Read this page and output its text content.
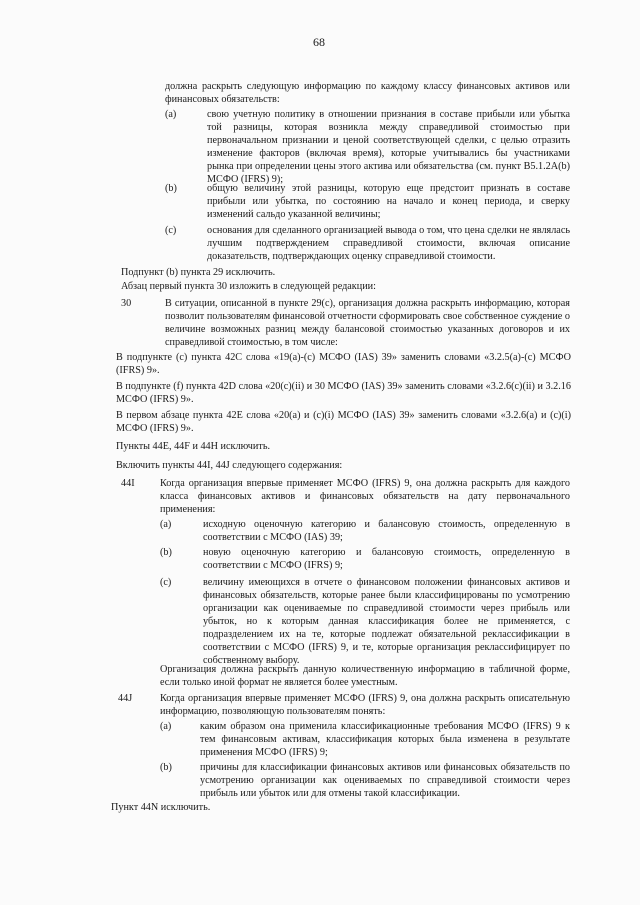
68

должна раскрыть следующую информацию по каждому классу финансовых активов или финансовых обязательств:

(a)	свою учетную политику в отношении признания в составе прибыли или убытка той разницы, которая возникла между справедливой стоимостью при первоначальном признании и ценой соответствующей сделки, с целью отразить изменение факторов (включая время), которые учитывались бы участниками рынка при определении цены этого актива или обязательства (см. пункт В5.1.2А(b) МСФО (IFRS) 9);

(b)	общую величину этой разницы, которую еще предстоит признать в составе прибыли или убытка, по состоянию на начало и конец периода, и сверку изменений сальдо указанной величины;

(c)	основания для сделанного организацией вывода о том, что цена сделки не являлась лучшим подтверждением справедливой стоимости, включая описание доказательств, подтверждающих оценку справедливой стоимости.

Подпункт (b) пункта 29 исключить.

Абзац первый пункта 30 изложить в следующей редакции:

30	В ситуации, описанной в пункте 29(c), организация должна раскрыть информацию, которая позволит пользователям финансовой отчетности сформировать свое собственное суждение о величине возможных разниц между балансовой стоимостью указанных договоров и их справедливой стоимостью, в том числе:

В подпункте (c) пункта 42С слова «19(a)-(c) МСФО (IAS) 39» заменить словами «3.2.5(a)-(c) МСФО (IFRS) 9».

В подпункте (f) пункта 42D слова «20(c)(ii) и 30 МСФО (IAS) 39» заменить словами «3.2.6(c)(ii) и 3.2.16 МСФО (IFRS) 9».

В первом абзаце пункта 42Е слова «20(a) и (c)(i) МСФО (IAS) 39» заменить словами «3.2.6(a) и (c)(i) МСФО (IFRS) 9».

Пункты 44Е, 44F и 44Н исключить.

Включить пункты 44I, 44J следующего содержания:

44I Когда организация впервые применяет МСФО (IFRS) 9, она должна раскрыть для каждого класса финансовых активов и финансовых обязательств на дату первоначального применения:

(a)	исходную оценочную категорию и балансовую стоимость, определенную в соответствии с МСФО (IAS) 39;

(b)	новую оценочную категорию и балансовую стоимость, определенную в соответствии с МСФО (IFRS) 9;

(c)	величину имеющихся в отчете о финансовом положении финансовых активов и финансовых обязательств, которые ранее были классифицированы по усмотрению организации как оцениваемые по справедливой стоимости через прибыль или убыток, но к которым данная классификация более не применяется, с подразделением их на те, которые подлежат обязательной реклассификации в соответствии с МСФО (IFRS) 9, и те, которые организация реклассифицирует по собственному выбору.

Организация должна раскрыть данную количественную информацию в табличной форме, если только иной формат не является более уместным.

44J	Когда организация впервые применяет МСФО (IFRS) 9, она должна раскрыть описательную информацию, позволяющую пользователям понять:

(a)	каким образом она применила классификационные требования МСФО (IFRS) 9 к тем финансовым активам, классификация которых была изменена в результате применения МСФО (IFRS) 9;

(b)	причины для классификации финансовых активов или финансовых обязательств по усмотрению организации как оцениваемых по справедливой стоимости через прибыль или убыток или для отмены такой классификации.

Пункт 44N исключить.
